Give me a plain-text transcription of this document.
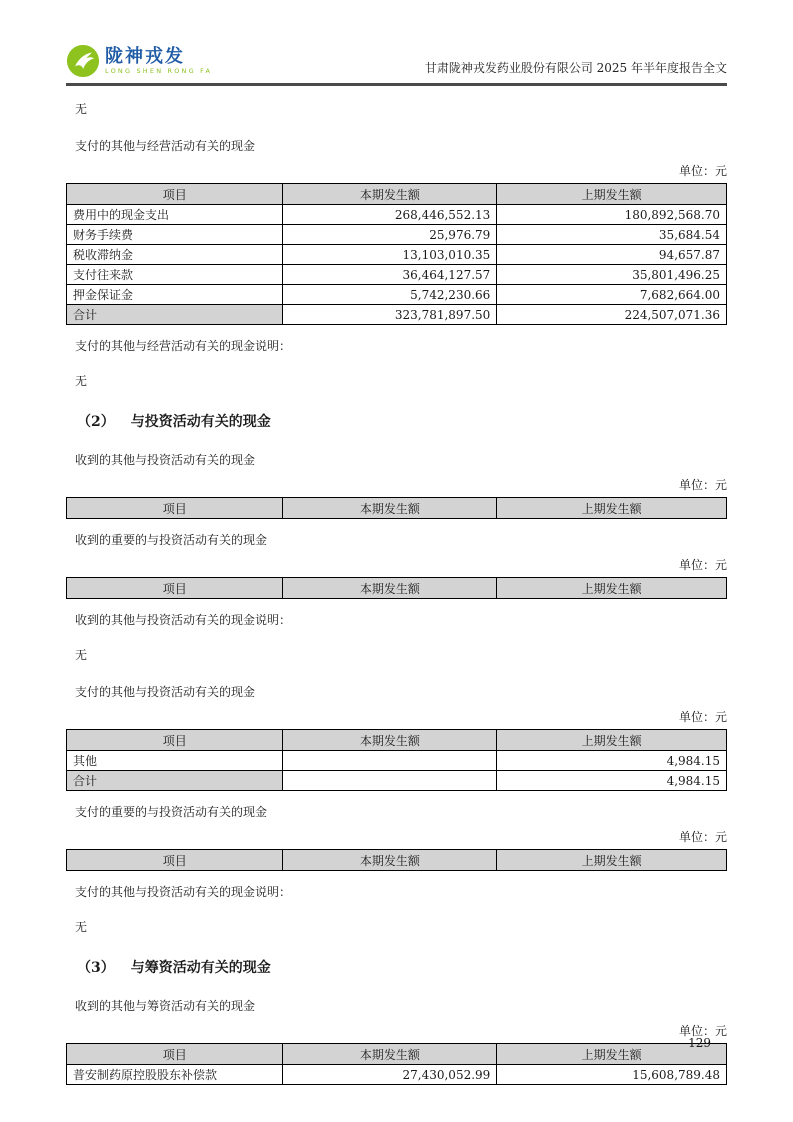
陇神戎发
LONG SHEN RONG FA	甘肃陇神戎发药业股份有限公司 2025 年半年度报告全文

无

支付的其他与经营活动有关的现金

单位：元
项目	本期发生额	上期发生额
费用中的现金支出	268,446,552.13	180,892,568.70
财务手续费	25,976.79	35,684.54
税收滞纳金	13,103,010.35	94,657.87
支付往来款	36,464,127.57	35,801,496.25
押金保证金	5,742,230.66	7,682,664.00
合计	323,781,897.50	224,507,071.36

支付的其他与经营活动有关的现金说明：

无

（2） 与投资活动有关的现金

收到的其他与投资活动有关的现金

单位：元
项目	本期发生额	上期发生额

收到的重要的与投资活动有关的现金

单位：元
项目	本期发生额	上期发生额

收到的其他与投资活动有关的现金说明：

无

支付的其他与投资活动有关的现金

单位：元
项目	本期发生额	上期发生额
其他		4,984.15
合计		4,984.15

支付的重要的与投资活动有关的现金

单位：元
项目	本期发生额	上期发生额

支付的其他与投资活动有关的现金说明：

无

（3） 与筹资活动有关的现金

收到的其他与筹资活动有关的现金

单位：元
项目	本期发生额	上期发生额
普安制药原控股股东补偿款	27,430,052.99	15,608,789.48
129
